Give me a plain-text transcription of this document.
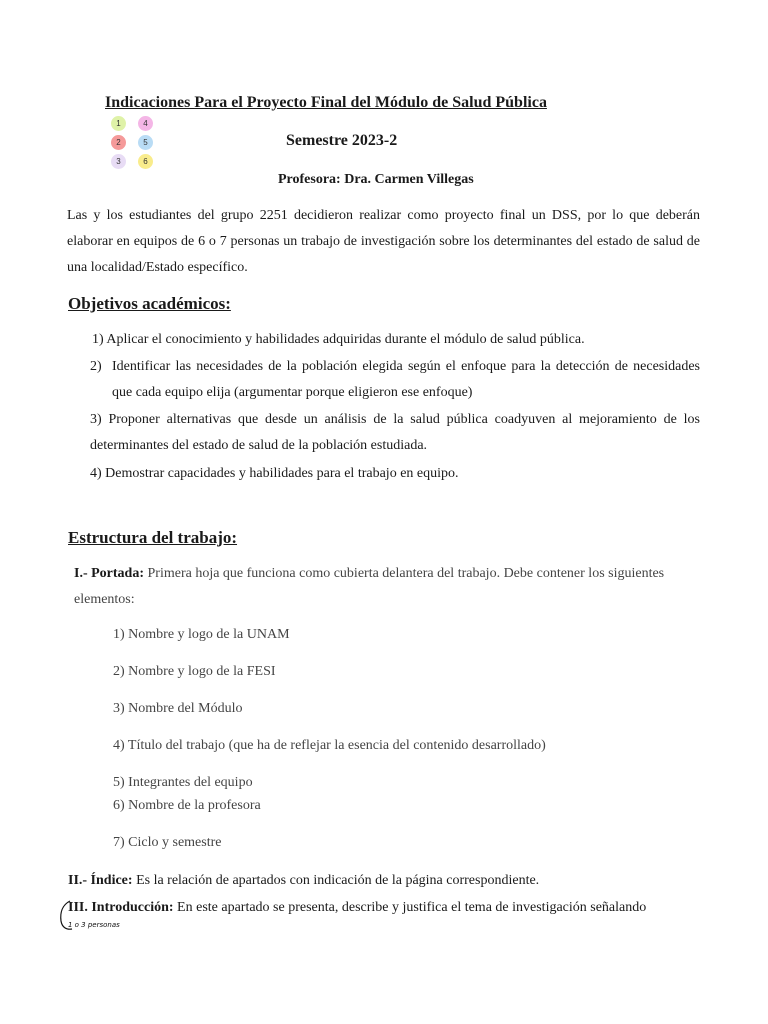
Indicaciones Para el Proyecto Final del Módulo de Salud Pública
1	4
2	5
3	6
Semestre 2023-2
Profesora: Dra. Carmen Villegas
Las y los estudiantes del grupo 2251 decidieron realizar como proyecto final un DSS, por lo que deberán elaborar en equipos de 6 o 7 personas un trabajo de investigación sobre los determinantes del estado de salud de una localidad/Estado específico.
Objetivos académicos:
1) Aplicar el conocimiento y habilidades adquiridas durante el módulo de salud pública.
2) Identificar las necesidades de la población elegida según el enfoque para la detección de necesidades que cada equipo elija (argumentar porque eligieron ese enfoque)
3) Proponer alternativas que desde un análisis de la salud pública coadyuven al mejoramiento de los determinantes del estado de salud de la población estudiada.
4) Demostrar capacidades y habilidades para el trabajo en equipo.
Estructura del trabajo:
I.- Portada: Primera hoja que funciona como cubierta delantera del trabajo. Debe contener los siguientes elementos:
1) Nombre y logo de la UNAM
2) Nombre y logo de la FESI
3) Nombre del Módulo
4) Título del trabajo (que ha de reflejar la esencia del contenido desarrollado)
5) Integrantes del equipo
6) Nombre de la profesora
7) Ciclo y semestre
II.- Índice: Es la relación de apartados con indicación de la página correspondiente.
III. Introducción: En este apartado se presenta, describe y justifica el tema de investigación señalando
1 o 3 personas
